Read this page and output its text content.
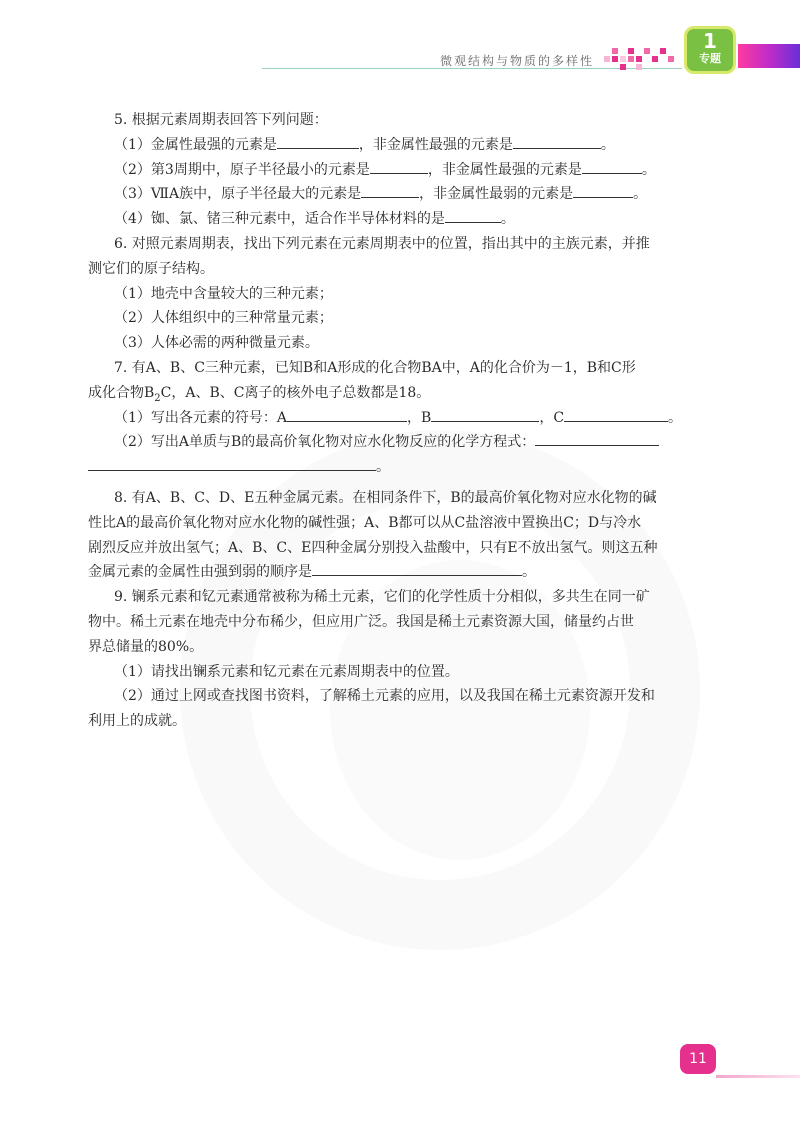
微观结构与物质的多样性
1
专题
5. 根据元素周期表回答下列问题：
（1）金属性最强的元素是	，非金属性最强的元素是	。
（2）第3周期中，原子半径最小的元素是	，非金属性最强的元素是	。
（3）ⅦA族中，原子半径最大的元素是	，非金属性最弱的元素是	。
（4）铷、氯、锗三种元素中，适合作半导体材料的是	。
6. 对照元素周期表，找出下列元素在元素周期表中的位置，指出其中的主族元素，并推
测它们的原子结构。
（1）地壳中含量较大的三种元素；
（2）人体组织中的三种常量元素；
（3）人体必需的两种微量元素。
7. 有A、B、C三种元素，已知B和A形成的化合物BA中，A的化合价为－1，B和C形
成化合物$B_2C$，A、B、C离子的核外电子总数都是18。
（1）写出各元素的符号：A	，B	，C	。
（2）写出A单质与B的最高价氧化物对应水化物反应的化学方程式：
。
8. 有A、B、C、D、E五种金属元素。在相同条件下，B的最高价氧化物对应水化物的碱
性比A的最高价氧化物对应水化物的碱性强；A、B都可以从C盐溶液中置换出C；D与冷水
剧烈反应并放出氢气；A、B、C、E四种金属分别投入盐酸中，只有E不放出氢气。则这五种
金属元素的金属性由强到弱的顺序是	。
9. 镧系元素和钇元素通常被称为稀土元素，它们的化学性质十分相似，多共生在同一矿
物中。稀土元素在地壳中分布稀少，但应用广泛。我国是稀土元素资源大国，储量约占世
界总储量的80%。
（1）请找出镧系元素和钇元素在元素周期表中的位置。
（2）通过上网或查找图书资料，了解稀土元素的应用，以及我国在稀土元素资源开发和
利用上的成就。
11
